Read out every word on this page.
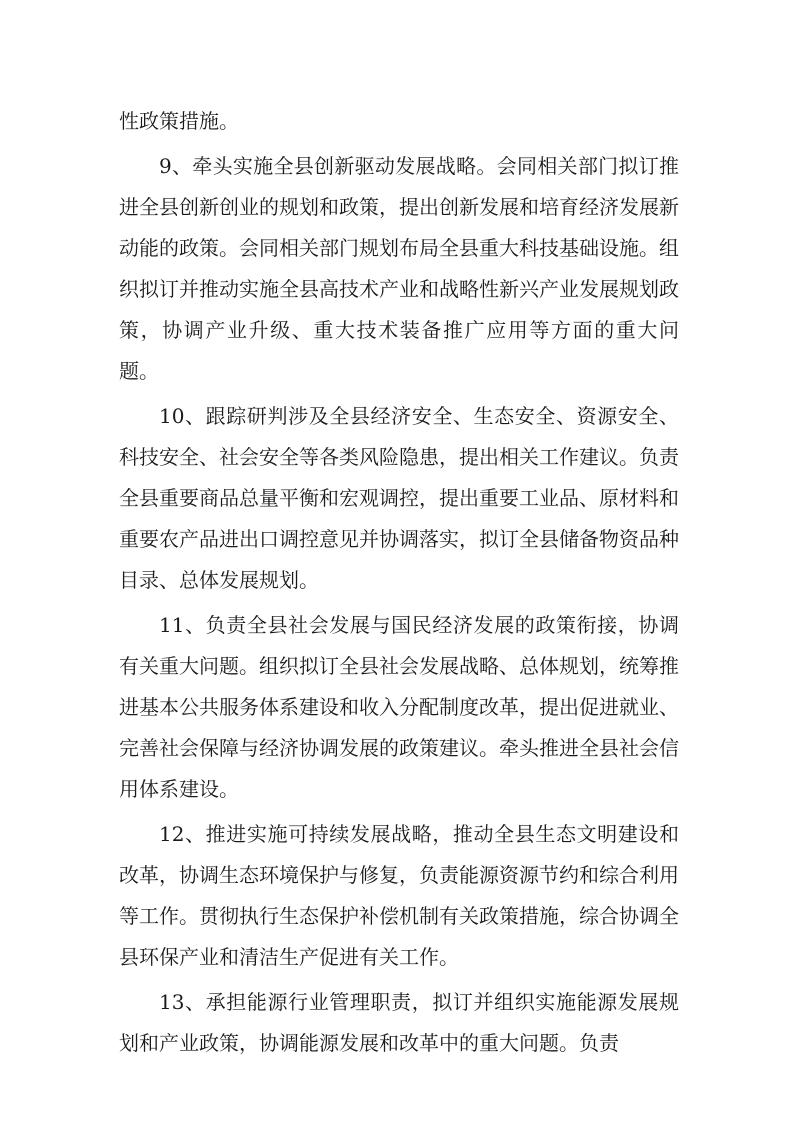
性政策措施。

9、牵头实施全县创新驱动发展战略。会同相关部门拟订推进全县创新创业的规划和政策，提出创新发展和培育经济发展新动能的政策。会同相关部门规划布局全县重大科技基础设施。组织拟订并推动实施全县高技术产业和战略性新兴产业发展规划政策，协调产业升级、重大技术装备推广应用等方面的重大问 题。

10、跟踪研判涉及全县经济安全、生态安全、资源安全、科技安全、社会安全等各类风险隐患，提出相关工作建议。负责全县重要商品总量平衡和宏观调控，提出重要工业品、原材料和重要农产品进出口调控意见并协调落实，拟订全县储备物资品种目录、总体发展规划。

11、负责全县社会发展与国民经济发展的政策衔接，协调有关重大问题。组织拟订全县社会发展战略、总体规划，统筹推进基本公共服务体系建设和收入分配制度改革，提出促进就业、完善社会保障与经济协调发展的政策建议。牵头推进全县社会信用体系建设。

12、推进实施可持续发展战略，推动全县生态文明建设和改革，协调生态环境保护与修复，负责能源资源节约和综合利用等工作。贯彻执行生态保护补偿机制有关政策措施，综合协调全县环保产业和清洁生产促进有关工作。

13、承担能源行业管理职责，拟订并组织实施能源发展规划和产业政策，协调能源发展和改革中的重大问题。负责
